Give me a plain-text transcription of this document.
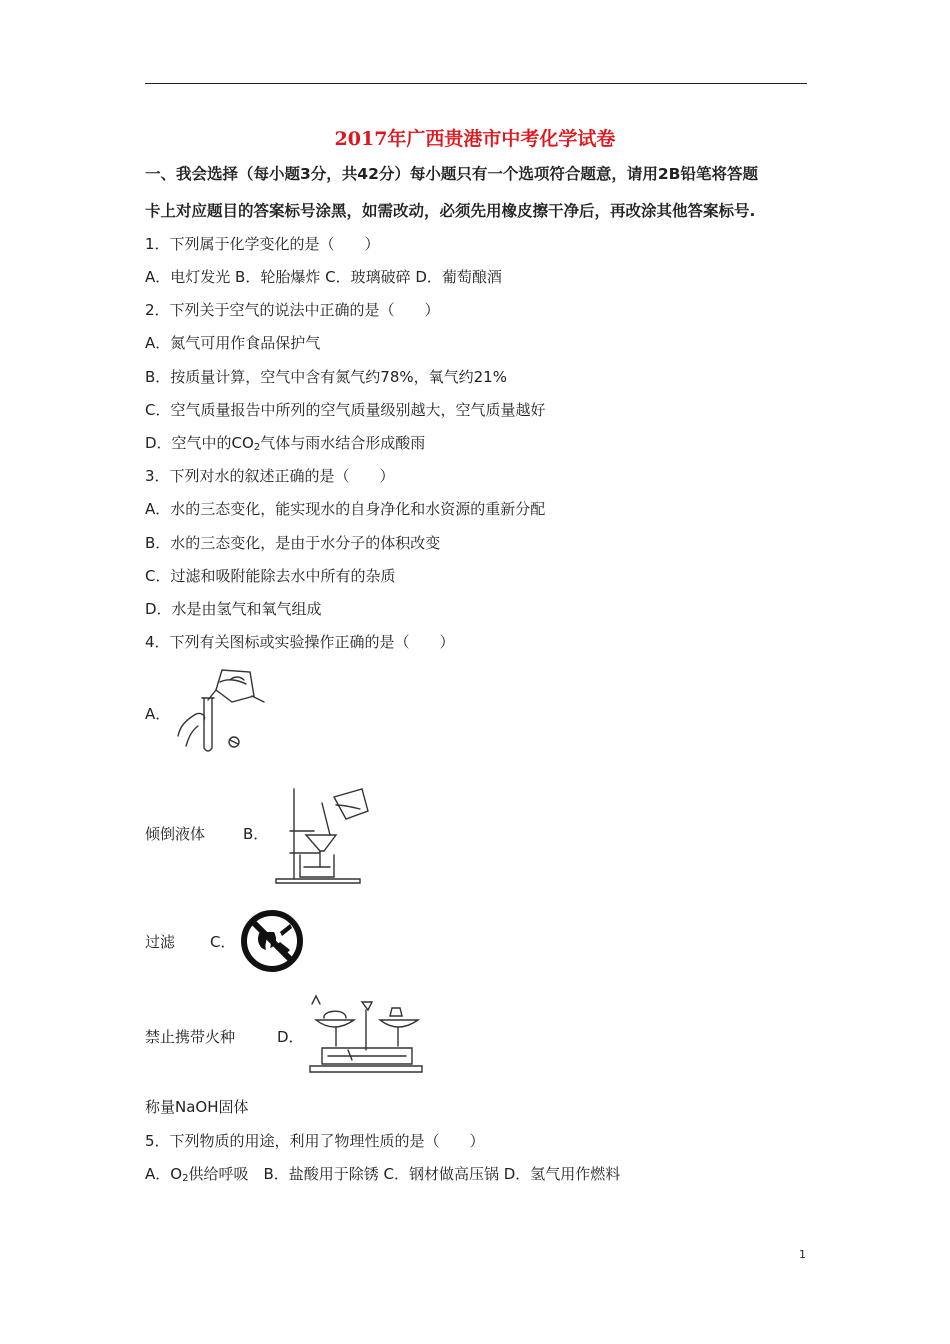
2017年广西贵港市中考化学试卷
一、我会选择（每小题3分，共42分）每小题只有一个选项符合题意，请用2B铅笔将答题
卡上对应题目的答案标号涂黑，如需改动，必须先用橡皮擦干净后，再改涂其他答案标号.
1．下列属于化学变化的是（　　）
A．电灯发光 B．轮胎爆炸 C．玻璃破碎 D．葡萄酿酒
2．下列关于空气的说法中正确的是（　　）
A．氮气可用作食品保护气
B．按质量计算，空气中含有氮气约78%，氧气约21%
C．空气质量报告中所列的空气质量级别越大，空气质量越好
D．空气中的$CO_2$气体与雨水结合形成酸雨
3．下列对水的叙述正确的是（　　）
A．水的三态变化，能实现水的自身净化和水资源的重新分配
B．水的三态变化，是由于水分子的体积改变
C．过滤和吸附能除去水中所有的杂质
D．水是由氢气和氧气组成
4．下列有关图标或实验操作正确的是（　　）
A．
倾倒液体	B．
过滤 C．
禁止携带火种	D．
称量NaOH固体
5．下列物质的用途，利用了物理性质的是（　　）
A．$O_2$供给呼吸　B．盐酸用于除锈 C．钢材做高压锅 D．氢气用作燃料
1
